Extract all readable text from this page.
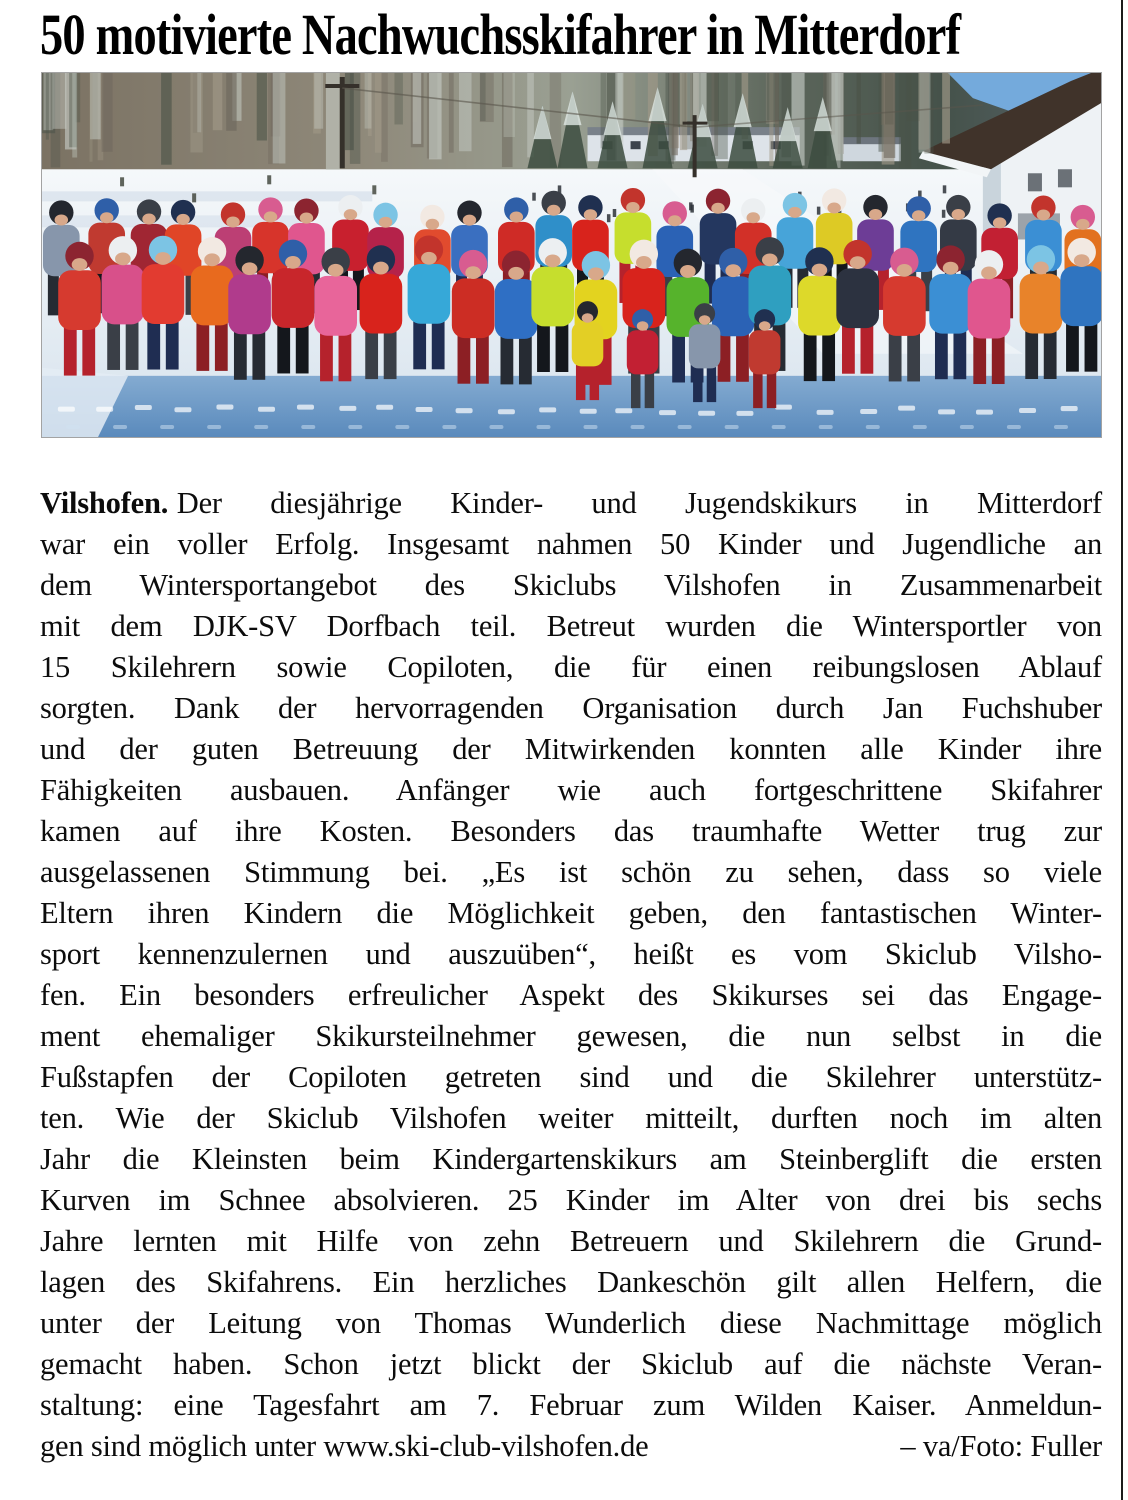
50 motivierte Nachwuchsskifahrer in Mitterdorf
Vilshofen. Der diesjährige Kinder- und Jugendskikurs in Mitterdorf
war ein voller Erfolg. Insgesamt nahmen 50 Kinder und Jugendliche an
dem Wintersportangebot des Skiclubs Vilshofen in Zusammenarbeit
mit dem DJK-SV Dorfbach teil. Betreut wurden die Wintersportler von
15 Skilehrern sowie Copiloten, die für einen reibungslosen Ablauf
sorgten. Dank der hervorragenden Organisation durch Jan Fuchshuber
und der guten Betreuung der Mitwirkenden konnten alle Kinder ihre
Fähigkeiten ausbauen. Anfänger wie auch fortgeschrittene Skifahrer
kamen auf ihre Kosten. Besonders das traumhafte Wetter trug zur
ausgelassenen Stimmung bei. „Es ist schön zu sehen, dass so viele
Eltern ihren Kindern die Möglichkeit geben, den fantastischen Winter-
sport kennenzulernen und auszuüben“, heißt es vom Skiclub Vilsho-
fen. Ein besonders erfreulicher Aspekt des Skikurses sei das Engage-
ment ehemaliger Skikursteilnehmer gewesen, die nun selbst in die
Fußstapfen der Copiloten getreten sind und die Skilehrer unterstütz-
ten. Wie der Skiclub Vilshofen weiter mitteilt, durften noch im alten
Jahr die Kleinsten beim Kindergartenskikurs am Steinberglift die ersten
Kurven im Schnee absolvieren. 25 Kinder im Alter von drei bis sechs
Jahre lernten mit Hilfe von zehn Betreuern und Skilehrern die Grund-
lagen des Skifahrens. Ein herzliches Dankeschön gilt allen Helfern, die
unter der Leitung von Thomas Wunderlich diese Nachmittage möglich
gemacht haben. Schon jetzt blickt der Skiclub auf die nächste Veran-
staltung: eine Tagesfahrt am 7. Februar zum Wilden Kaiser. Anmeldun-
gen sind möglich unter www.ski-club-vilshofen.de	– va/Foto: Fuller
